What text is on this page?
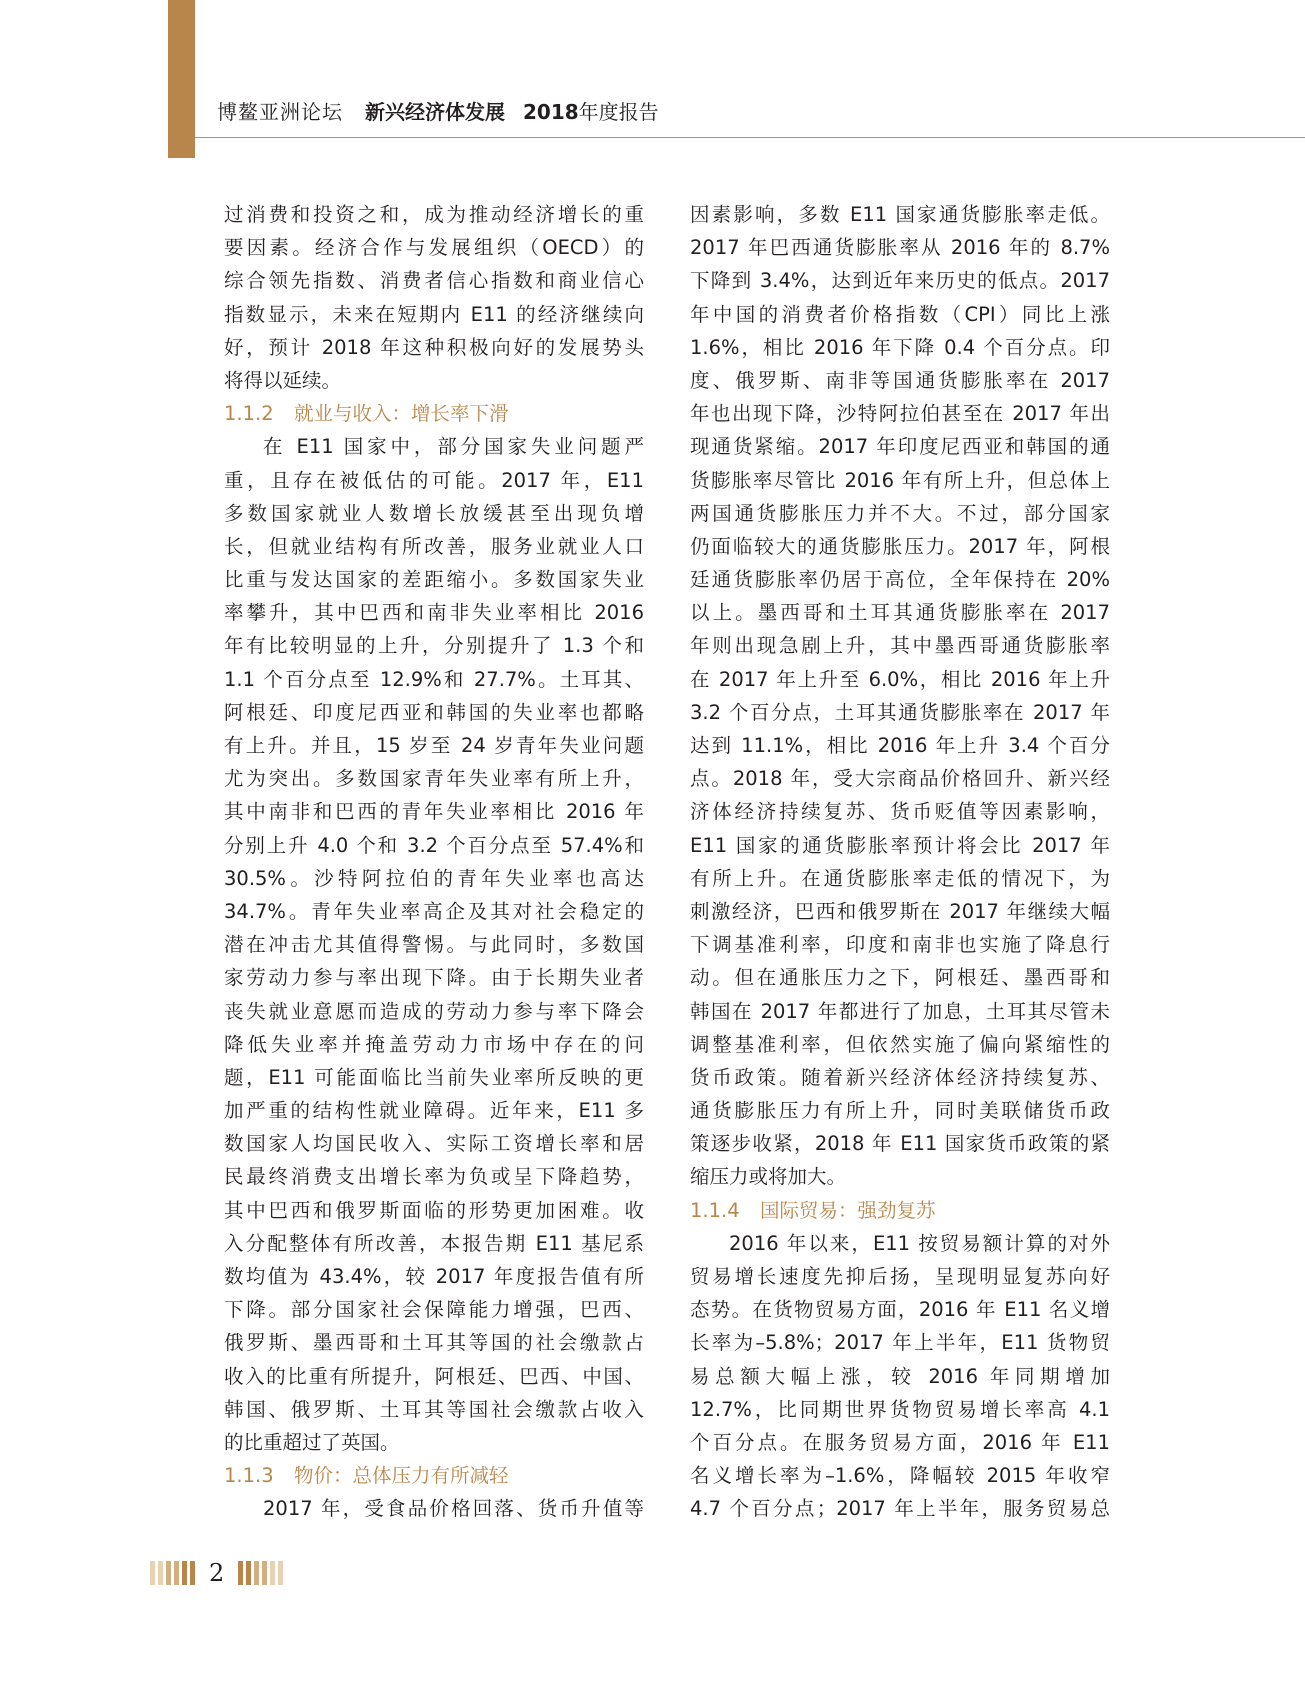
博鳌亚洲论坛 新兴经济体发展 2018 年度报告
过消费和投资之和，成为推动经济增长的重
要因素。经济合作与发展组织（OECD）的
综合领先指数、消费者信心指数和商业信心
指数显示，未来在短期内 E11 的经济继续向
好，预计 2018 年这种积极向好的发展势头
将得以延续。
1.1.2 就业与收入：增长率下滑
在 E11 国家中，部分国家失业问题严
重，且存在被低估的可能。2017 年，E11
多数国家就业人数增长放缓甚至出现负增
长，但就业结构有所改善，服务业就业人口
比重与发达国家的差距缩小。多数国家失业
率攀升，其中巴西和南非失业率相比 2016
年有比较明显的上升，分别提升了 1.3 个和
1.1 个百分点至 12.9%和 27.7%。土耳其、
阿根廷、印度尼西亚和韩国的失业率也都略
有上升。并且，15 岁至 24 岁青年失业问题
尤为突出。多数国家青年失业率有所上升，
其中南非和巴西的青年失业率相比 2016 年
分别上升 4.0 个和 3.2 个百分点至 57.4%和
30.5%。沙特阿拉伯的青年失业率也高达
34.7%。青年失业率高企及其对社会稳定的
潜在冲击尤其值得警惕。与此同时，多数国
家劳动力参与率出现下降。由于长期失业者
丧失就业意愿而造成的劳动力参与率下降会
降低失业率并掩盖劳动力市场中存在的问
题，E11 可能面临比当前失业率所反映的更
加严重的结构性就业障碍。近年来，E11 多
数国家人均国民收入、实际工资增长率和居
民最终消费支出增长率为负或呈下降趋势，
其中巴西和俄罗斯面临的形势更加困难。收
入分配整体有所改善，本报告期 E11 基尼系
数均值为 43.4%，较 2017 年度报告值有所
下降。部分国家社会保障能力增强，巴西、
俄罗斯、墨西哥和土耳其等国的社会缴款占
收入的比重有所提升，阿根廷、巴西、中国、
韩国、俄罗斯、土耳其等国社会缴款占收入
的比重超过了英国。
1.1.3 物价：总体压力有所减轻
2017 年，受食品价格回落、货币升值等
因素影响，多数 E11 国家通货膨胀率走低。
2017 年巴西通货膨胀率从 2016 年的 8.7%
下降到 3.4%，达到近年来历史的低点。2017
年中国的消费者价格指数（CPI）同比上涨
1.6%，相比 2016 年下降 0.4 个百分点。印
度、俄罗斯、南非等国通货膨胀率在 2017
年也出现下降，沙特阿拉伯甚至在 2017 年出
现通货紧缩。2017 年印度尼西亚和韩国的通
货膨胀率尽管比 2016 年有所上升，但总体上
两国通货膨胀压力并不大。不过，部分国家
仍面临较大的通货膨胀压力。2017 年，阿根
廷通货膨胀率仍居于高位，全年保持在 20%
以上。墨西哥和土耳其通货膨胀率在 2017
年则出现急剧上升，其中墨西哥通货膨胀率
在 2017 年上升至 6.0%，相比 2016 年上升
3.2 个百分点，土耳其通货膨胀率在 2017 年
达到 11.1%，相比 2016 年上升 3.4 个百分
点。2018 年，受大宗商品价格回升、新兴经
济体经济持续复苏、货币贬值等因素影响，
E11 国家的通货膨胀率预计将会比 2017 年
有所上升。在通货膨胀率走低的情况下，为
刺激经济，巴西和俄罗斯在 2017 年继续大幅
下调基准利率，印度和南非也实施了降息行
动。但在通胀压力之下，阿根廷、墨西哥和
韩国在 2017 年都进行了加息，土耳其尽管未
调整基准利率，但依然实施了偏向紧缩性的
货币政策。随着新兴经济体经济持续复苏、
通货膨胀压力有所上升，同时美联储货币政
策逐步收紧，2018 年 E11 国家货币政策的紧
缩压力或将加大。
1.1.4 国际贸易：强劲复苏
2016 年以来，E11 按贸易额计算的对外
贸易增长速度先抑后扬，呈现明显复苏向好
态势。在货物贸易方面，2016 年 E11 名义增
长率为–5.8%；2017 年上半年，E11 货物贸
易总额大幅上涨，较 2016 年同期增加
12.7%，比同期世界货物贸易增长率高 4.1
个百分点。在服务贸易方面，2016 年 E11
名义增长率为–1.6%，降幅较 2015 年收窄
4.7 个百分点；2017 年上半年，服务贸易总
2
